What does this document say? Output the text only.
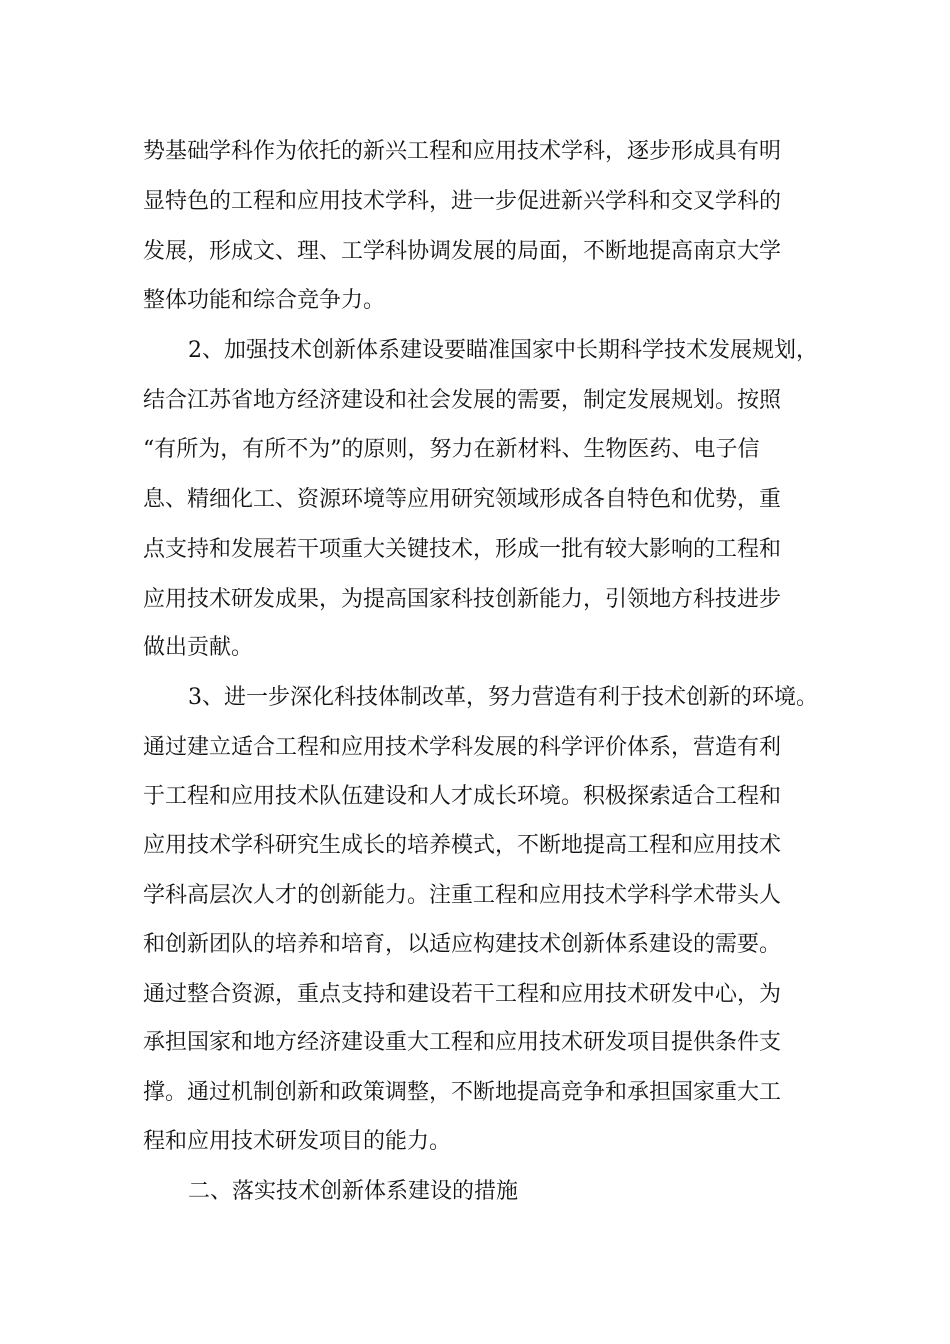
势基础学科作为依托的新兴工程和应用技术学科，逐步形成具有明
显特色的工程和应用技术学科，进一步促进新兴学科和交叉学科的
发展，形成文、理、工学科协调发展的局面，不断地提高南京大学
整体功能和综合竞争力。
2、加强技术创新体系建设要瞄准国家中长期科学技术发展规划，
结合江苏省地方经济建设和社会发展的需要，制定发展规划。按照
“有所为，有所不为”的原则，努力在新材料、生物医药、电子信
息、精细化工、资源环境等应用研究领域形成各自特色和优势，重
点支持和发展若干项重大关键技术，形成一批有较大影响的工程和
应用技术研发成果，为提高国家科技创新能力，引领地方科技进步
做出贡献。
3、进一步深化科技体制改革，努力营造有利于技术创新的环境。
通过建立适合工程和应用技术学科发展的科学评价体系，营造有利
于工程和应用技术队伍建设和人才成长环境。积极探索适合工程和
应用技术学科研究生成长的培养模式，不断地提高工程和应用技术
学科高层次人才的创新能力。注重工程和应用技术学科学术带头人
和创新团队的培养和培育，以适应构建技术创新体系建设的需要。
通过整合资源，重点支持和建设若干工程和应用技术研发中心，为
承担国家和地方经济建设重大工程和应用技术研发项目提供条件支
撑。通过机制创新和政策调整，不断地提高竞争和承担国家重大工
程和应用技术研发项目的能力。
二、落实技术创新体系建设的措施
